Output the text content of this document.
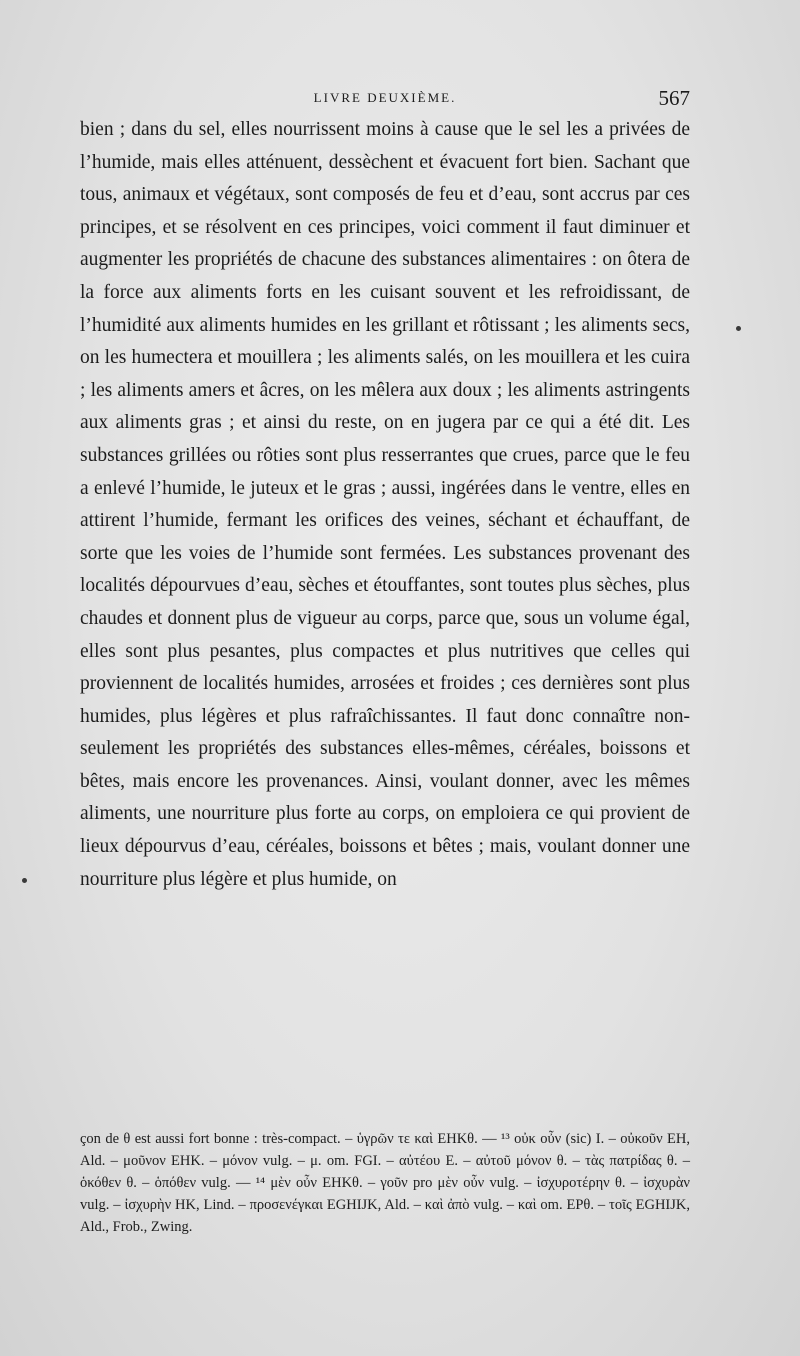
LIVRE DEUXIÈME.	567

bien ; dans du sel, elles nourrissent moins à cause que le sel les a privées de l’humide, mais elles atténuent, dessèchent et évacuent fort bien. Sachant que tous, animaux et végétaux, sont composés de feu et d’eau, sont accrus par ces principes, et se résolvent en ces principes, voici comment il faut diminuer et augmenter les propriétés de chacune des substances alimentaires : on ôtera de la force aux aliments forts en les cuisant souvent et les refroidissant, de l’humidité aux aliments humides en les grillant et rôtissant ; les aliments secs, on les humectera et mouillera ; les aliments salés, on les mouillera et les cuira ; les aliments amers et âcres, on les mêlera aux doux ; les aliments astringents aux aliments gras ; et ainsi du reste, on en jugera par ce qui a été dit. Les substances grillées ou rôties sont plus resserrantes que crues, parce que le feu a enlevé l’humide, le juteux et le gras ; aussi, ingérées dans le ventre, elles en attirent l’humide, fermant les orifices des veines, séchant et échauffant, de sorte que les voies de l’humide sont fermées. Les substances provenant des localités dépourvues d’eau, sèches et étouffantes, sont toutes plus sèches, plus chaudes et donnent plus de vigueur au corps, parce que, sous un volume égal, elles sont plus pesantes, plus compactes et plus nutritives que celles qui proviennent de localités humides, arrosées et froides ; ces dernières sont plus humides, plus légères et plus rafraîchissantes. Il faut donc connaître non-seulement les propriétés des substances elles-mêmes, céréales, boissons et bêtes, mais encore les provenances. Ainsi, voulant donner, avec les mêmes aliments, une nourriture plus forte au corps, on emploiera ce qui provient de lieux dépourvus d’eau, céréales, boissons et bêtes ; mais, voulant donner une nourriture plus légère et plus humide, on

çon de θ est aussi fort bonne : très-compact. – ὑγρῶν τε καὶ EHKθ. — ¹³ οὐκ οὖν (sic) I. – οὐκοῦν EH, Ald. – μοῦνον EHK. – μόνον vulg. – μ. om. FGI. – αὐτέου E. – αὐτοῦ μόνον θ. – τὰς πατρίδας θ. – ὁκόθεν θ. – ὁπόθεν vulg. — ¹⁴ μὲν οὖν EHKθ. – γοῦν pro μὲν οὖν vulg. – ἰσχυροτέρην θ. – ἰσχυρὰν vulg. – ἰσχυρὴν HK, Lind. – προσενέγκαι EGHIJK, Ald. – καὶ ἀπὸ vulg. – καὶ om. EPθ. – τοῖς EGHIJK, Ald., Frob., Zwing.
